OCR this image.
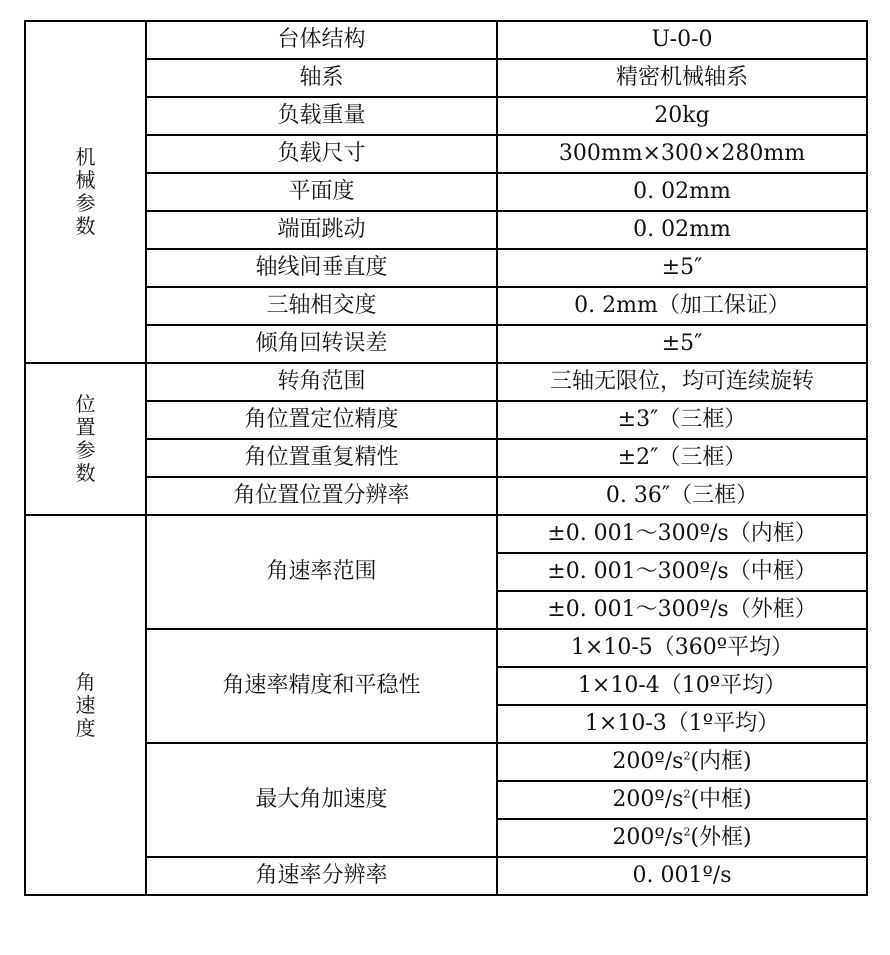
机械参数	台体结构	U-0-0
	轴系	精密机械轴系
	负载重量	20kg
	负载尺寸	300mm×300×280mm
	平面度	0. 02mm
	端面跳动	0. 02mm
	轴线间垂直度	±5″
	三轴相交度	0. 2mm（加工保证）
	倾角回转误差	±5″
位置参数	转角范围	三轴无限位，均可连续旋转
	角位置定位精度	±3″（三框）
	角位置重复精性	±2″（三框）
	角位置位置分辨率	0. 36″（三框）
角速度	角速率范围	±0. 001～300º/s（内框）
		±0. 001～300º/s（中框）
		±0. 001～300º/s（外框）
	角速率精度和平稳性	1×10-5（360º平均）
		1×10-4（10º平均）
		1×10-3（1º平均）
	最大角加速度	$200º/s^2$(内框)
		$200º/s^2$(中框)
		$200º/s^2$(外框)
	角速率分辨率	0. 001º/s
